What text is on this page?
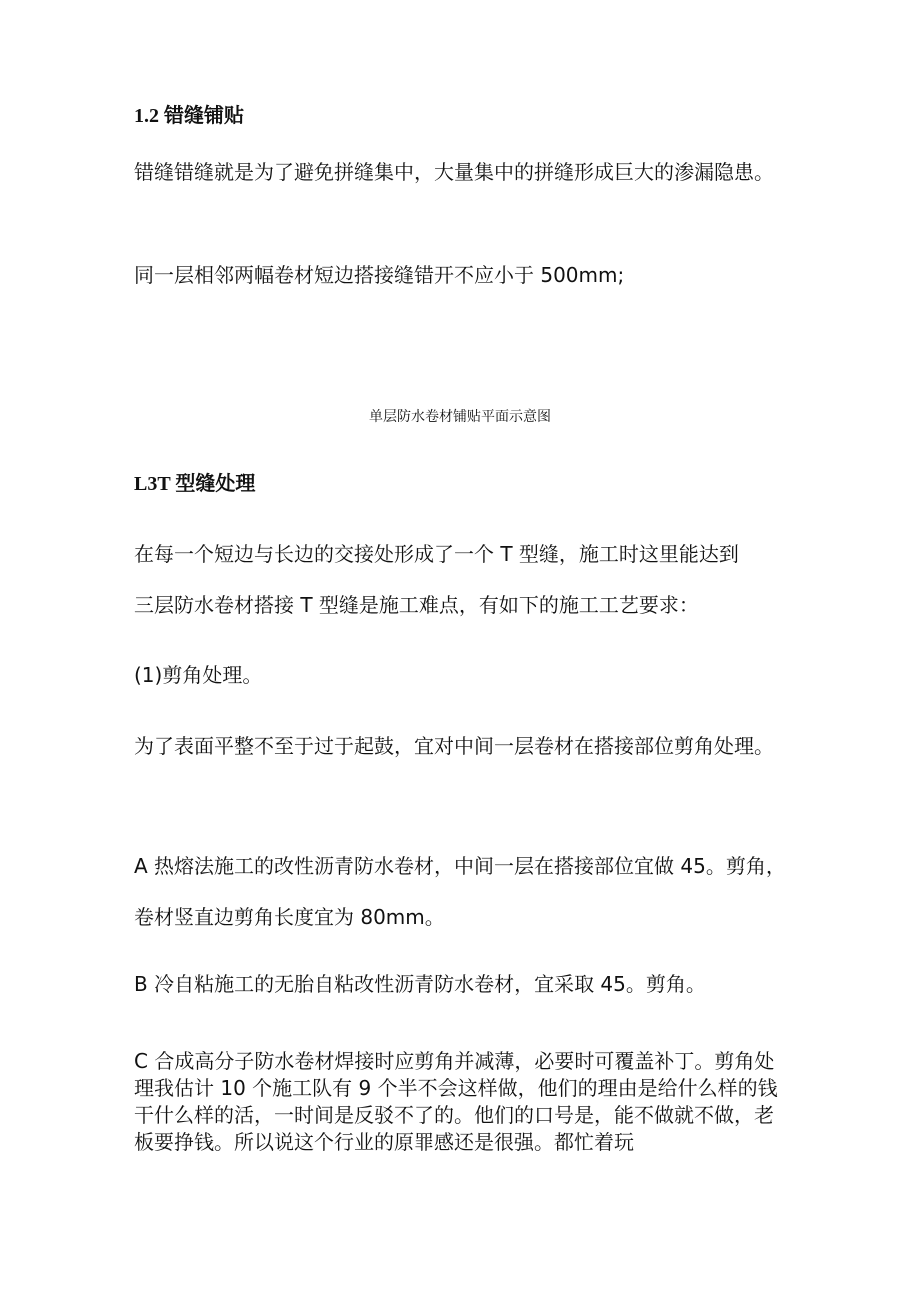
1.2 错缝铺贴

错缝错缝就是为了避免拼缝集中，大量集中的拼缝形成巨大的渗漏隐患。

同一层相邻两幅卷材短边搭接缝错开不应小于 500mm;

单层防水卷材铺贴平面示意图

L3T 型缝处理

在每一个短边与长边的交接处形成了一个 T 型缝，施工时这里能达到

三层防水卷材搭接 T 型缝是施工难点，有如下的施工工艺要求：

(1)剪角处理。

为了表面平整不至于过于起鼓，宜对中间一层卷材在搭接部位剪角处理。

A 热熔法施工的改性沥青防水卷材，中间一层在搭接部位宜做 45。剪角，卷材竖直边剪角长度宜为 80mm。

B 冷自粘施工的无胎自粘改性沥青防水卷材，宜采取 45。剪角。

C 合成高分子防水卷材焊接时应剪角并减薄，必要时可覆盖补丁。剪角处理我估计 10 个施工队有 9 个半不会这样做，他们的理由是给什么样的钱干什么样的活，一时间是反驳不了的。他们的口号是，能不做就不做，老板要挣钱。所以说这个行业的原罪感还是很强。都忙着玩
